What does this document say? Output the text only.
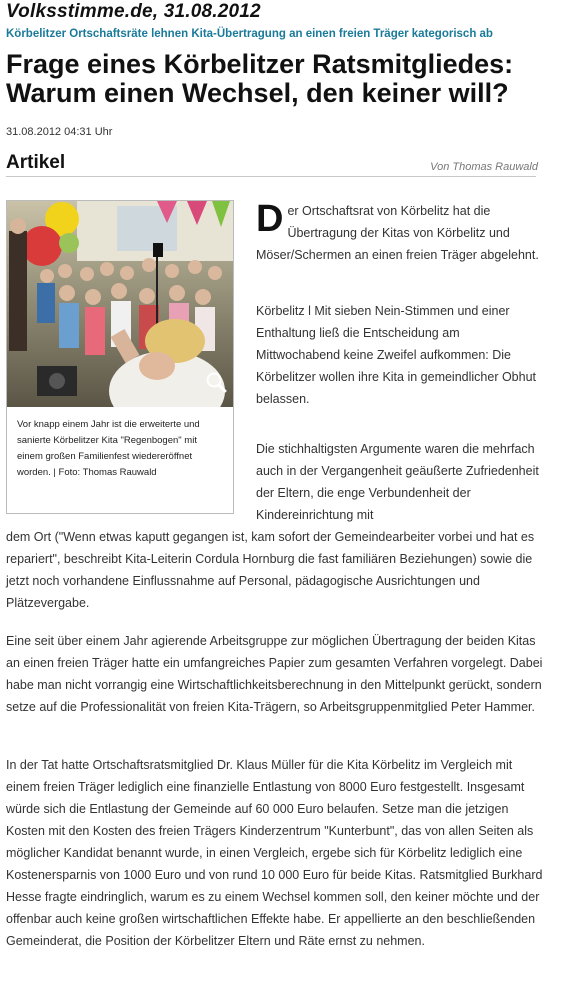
Volksstimme.de, 31.08.2012
Körbelitzer Ortschaftsräte lehnen Kita-Übertragung an einen freien Träger kategorisch ab
Frage eines Körbelitzer Ratsmitgliedes:
Warum einen Wechsel, den keiner will?
31.08.2012 04:31 Uhr
Artikel	Von Thomas Rauwald
Vor knapp einem Jahr ist die erweiterte und sanierte Körbelitzer Kita "Regenbogen" mit einem großen Familienfest wiedereröffnet worden. | Foto: Thomas Rauwald
Der Ortschaftsrat von Körbelitz hat die Übertragung der Kitas von Körbelitz und Möser/Schermen an einen freien Träger abgelehnt.
Körbelitz l Mit sieben Nein-Stimmen und einer Enthaltung ließ die Entscheidung am Mittwochabend keine Zweifel aufkommen: Die Körbelitzer wollen ihre Kita in gemeindlicher Obhut belassen.
Die stichhaltigsten Argumente waren die mehrfach auch in der Vergangenheit geäußerte Zufriedenheit der Eltern, die enge Verbundenheit der Kindereinrichtung mit
dem Ort ("Wenn etwas kaputt gegangen ist, kam sofort der Gemeindearbeiter vorbei und hat es repariert", beschreibt Kita-Leiterin Cordula Hornburg die fast familiären Beziehungen) sowie die jetzt noch vorhandene Einflussnahme auf Personal, pädagogische Ausrichtungen und Plätzevergabe.
Eine seit über einem Jahr agierende Arbeitsgruppe zur möglichen Übertragung der beiden Kitas an einen freien Träger hatte ein umfangreiches Papier zum gesamten Verfahren vorgelegt. Dabei habe man nicht vorrangig eine Wirtschaftlichkeitsberechnung in den Mittelpunkt gerückt, sondern setze auf die Professionalität von freien Kita-Trägern, so Arbeitsgruppenmitglied Peter Hammer.
In der Tat hatte Ortschaftsratsmitglied Dr. Klaus Müller für die Kita Körbelitz im Vergleich mit einem freien Träger lediglich eine finanzielle Entlastung von 8000 Euro festgestellt. Insgesamt würde sich die Entlastung der Gemeinde auf 60 000 Euro belaufen. Setze man die jetzigen Kosten mit den Kosten des freien Trägers Kinderzentrum "Kunterbunt", das von allen Seiten als möglicher Kandidat benannt wurde, in einen Vergleich, ergebe sich für Körbelitz lediglich eine Kostenersparnis von 1000 Euro und von rund 10 000 Euro für beide Kitas. Ratsmitglied Burkhard Hesse fragte eindringlich, warum es zu einem Wechsel kommen soll, den keiner möchte und der offenbar auch keine großen wirtschaftlichen Effekte habe. Er appellierte an den beschließenden Gemeinderat, die Position der Körbelitzer Eltern und Räte ernst zu nehmen.
